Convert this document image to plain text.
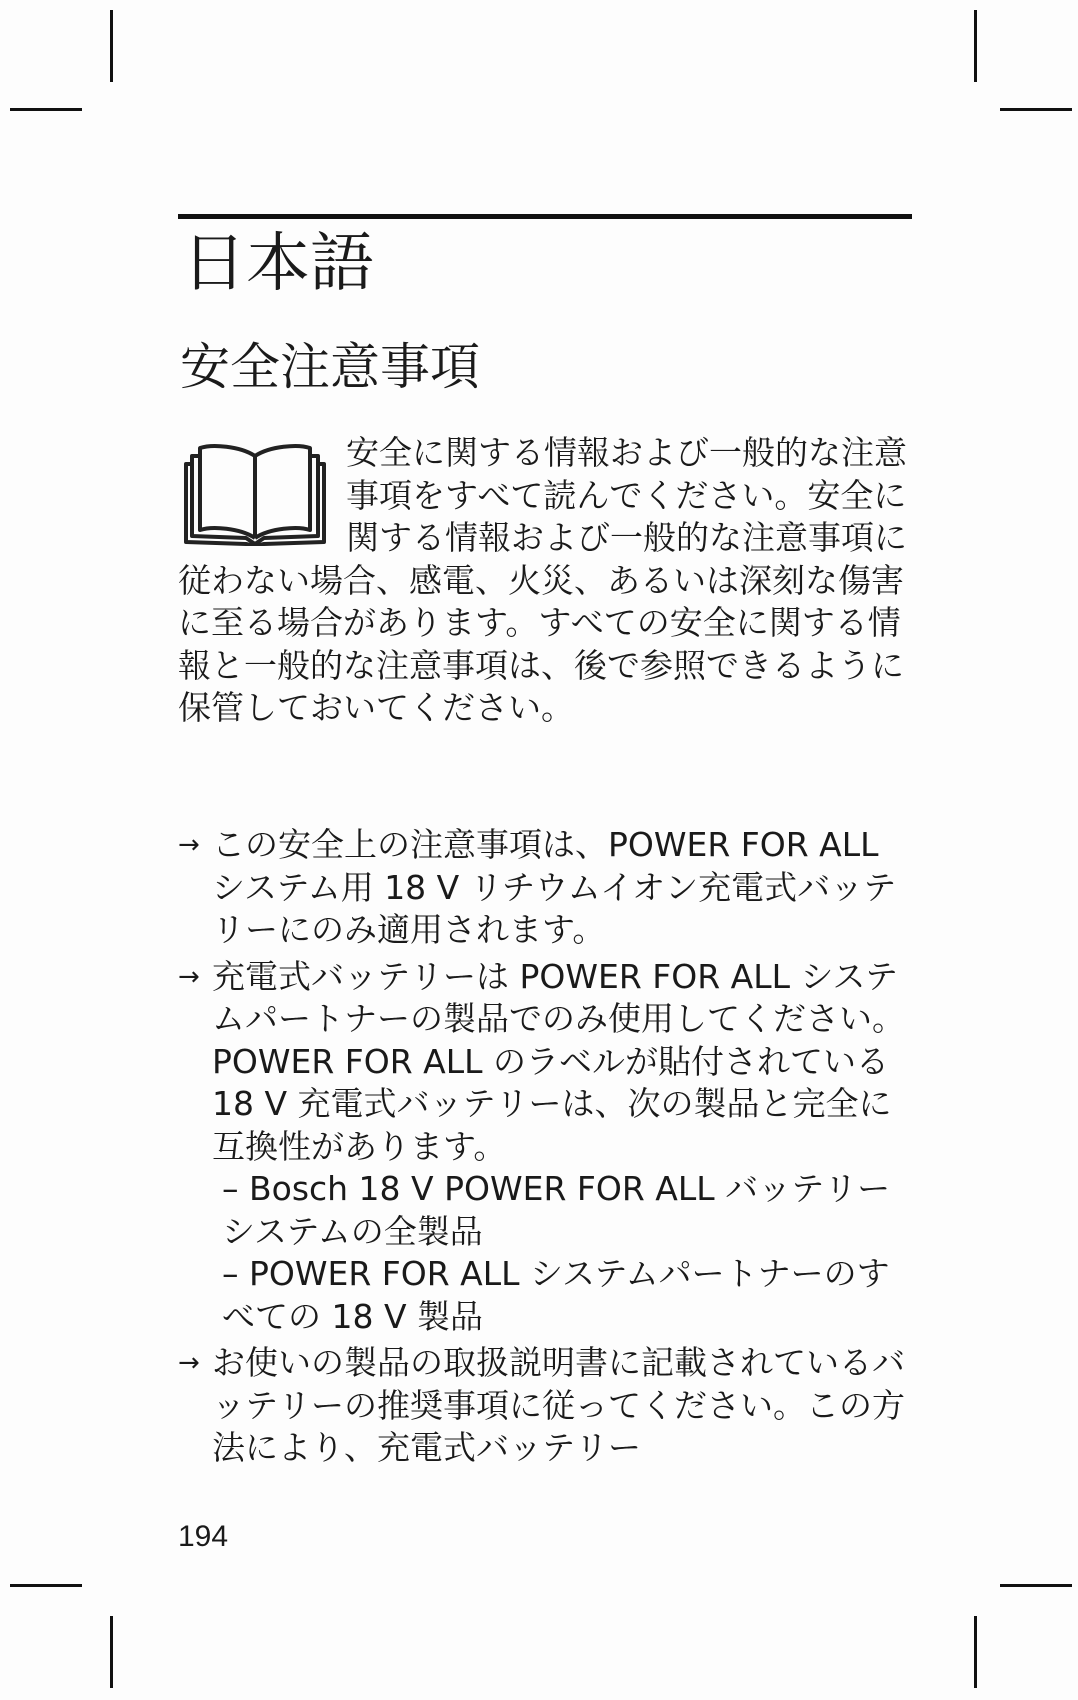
日本語
安全注意事項
安全に関する情報および一般的な注意事項をすべて読んでください。安全に関する情報および一般的な注意事項に従わない場合、感電、火災、あるいは深刻な傷害に至る場合があります。すべての安全に関する情報と一般的な注意事項は、後で参照できるように保管しておいてください。
→ この安全上の注意事項は、POWER FOR ALL システム用 18 V リチウムイオン充電式バッテリーにのみ適用されます。
→ 充電式バッテリーは POWER FOR ALL システムパートナーの製品でのみ使用してください。POWER FOR ALL のラベルが貼付されている 18 V 充電式バッテリーは、次の製品と完全に互換性があります。
– Bosch 18 V POWER FOR ALL バッテリーシステムの全製品
– POWER FOR ALL システムパートナーのすべての 18 V 製品
→ お使いの製品の取扱説明書に記載されているバッテリーの推奨事項に従ってください。この方法により、充電式バッテリー
194
